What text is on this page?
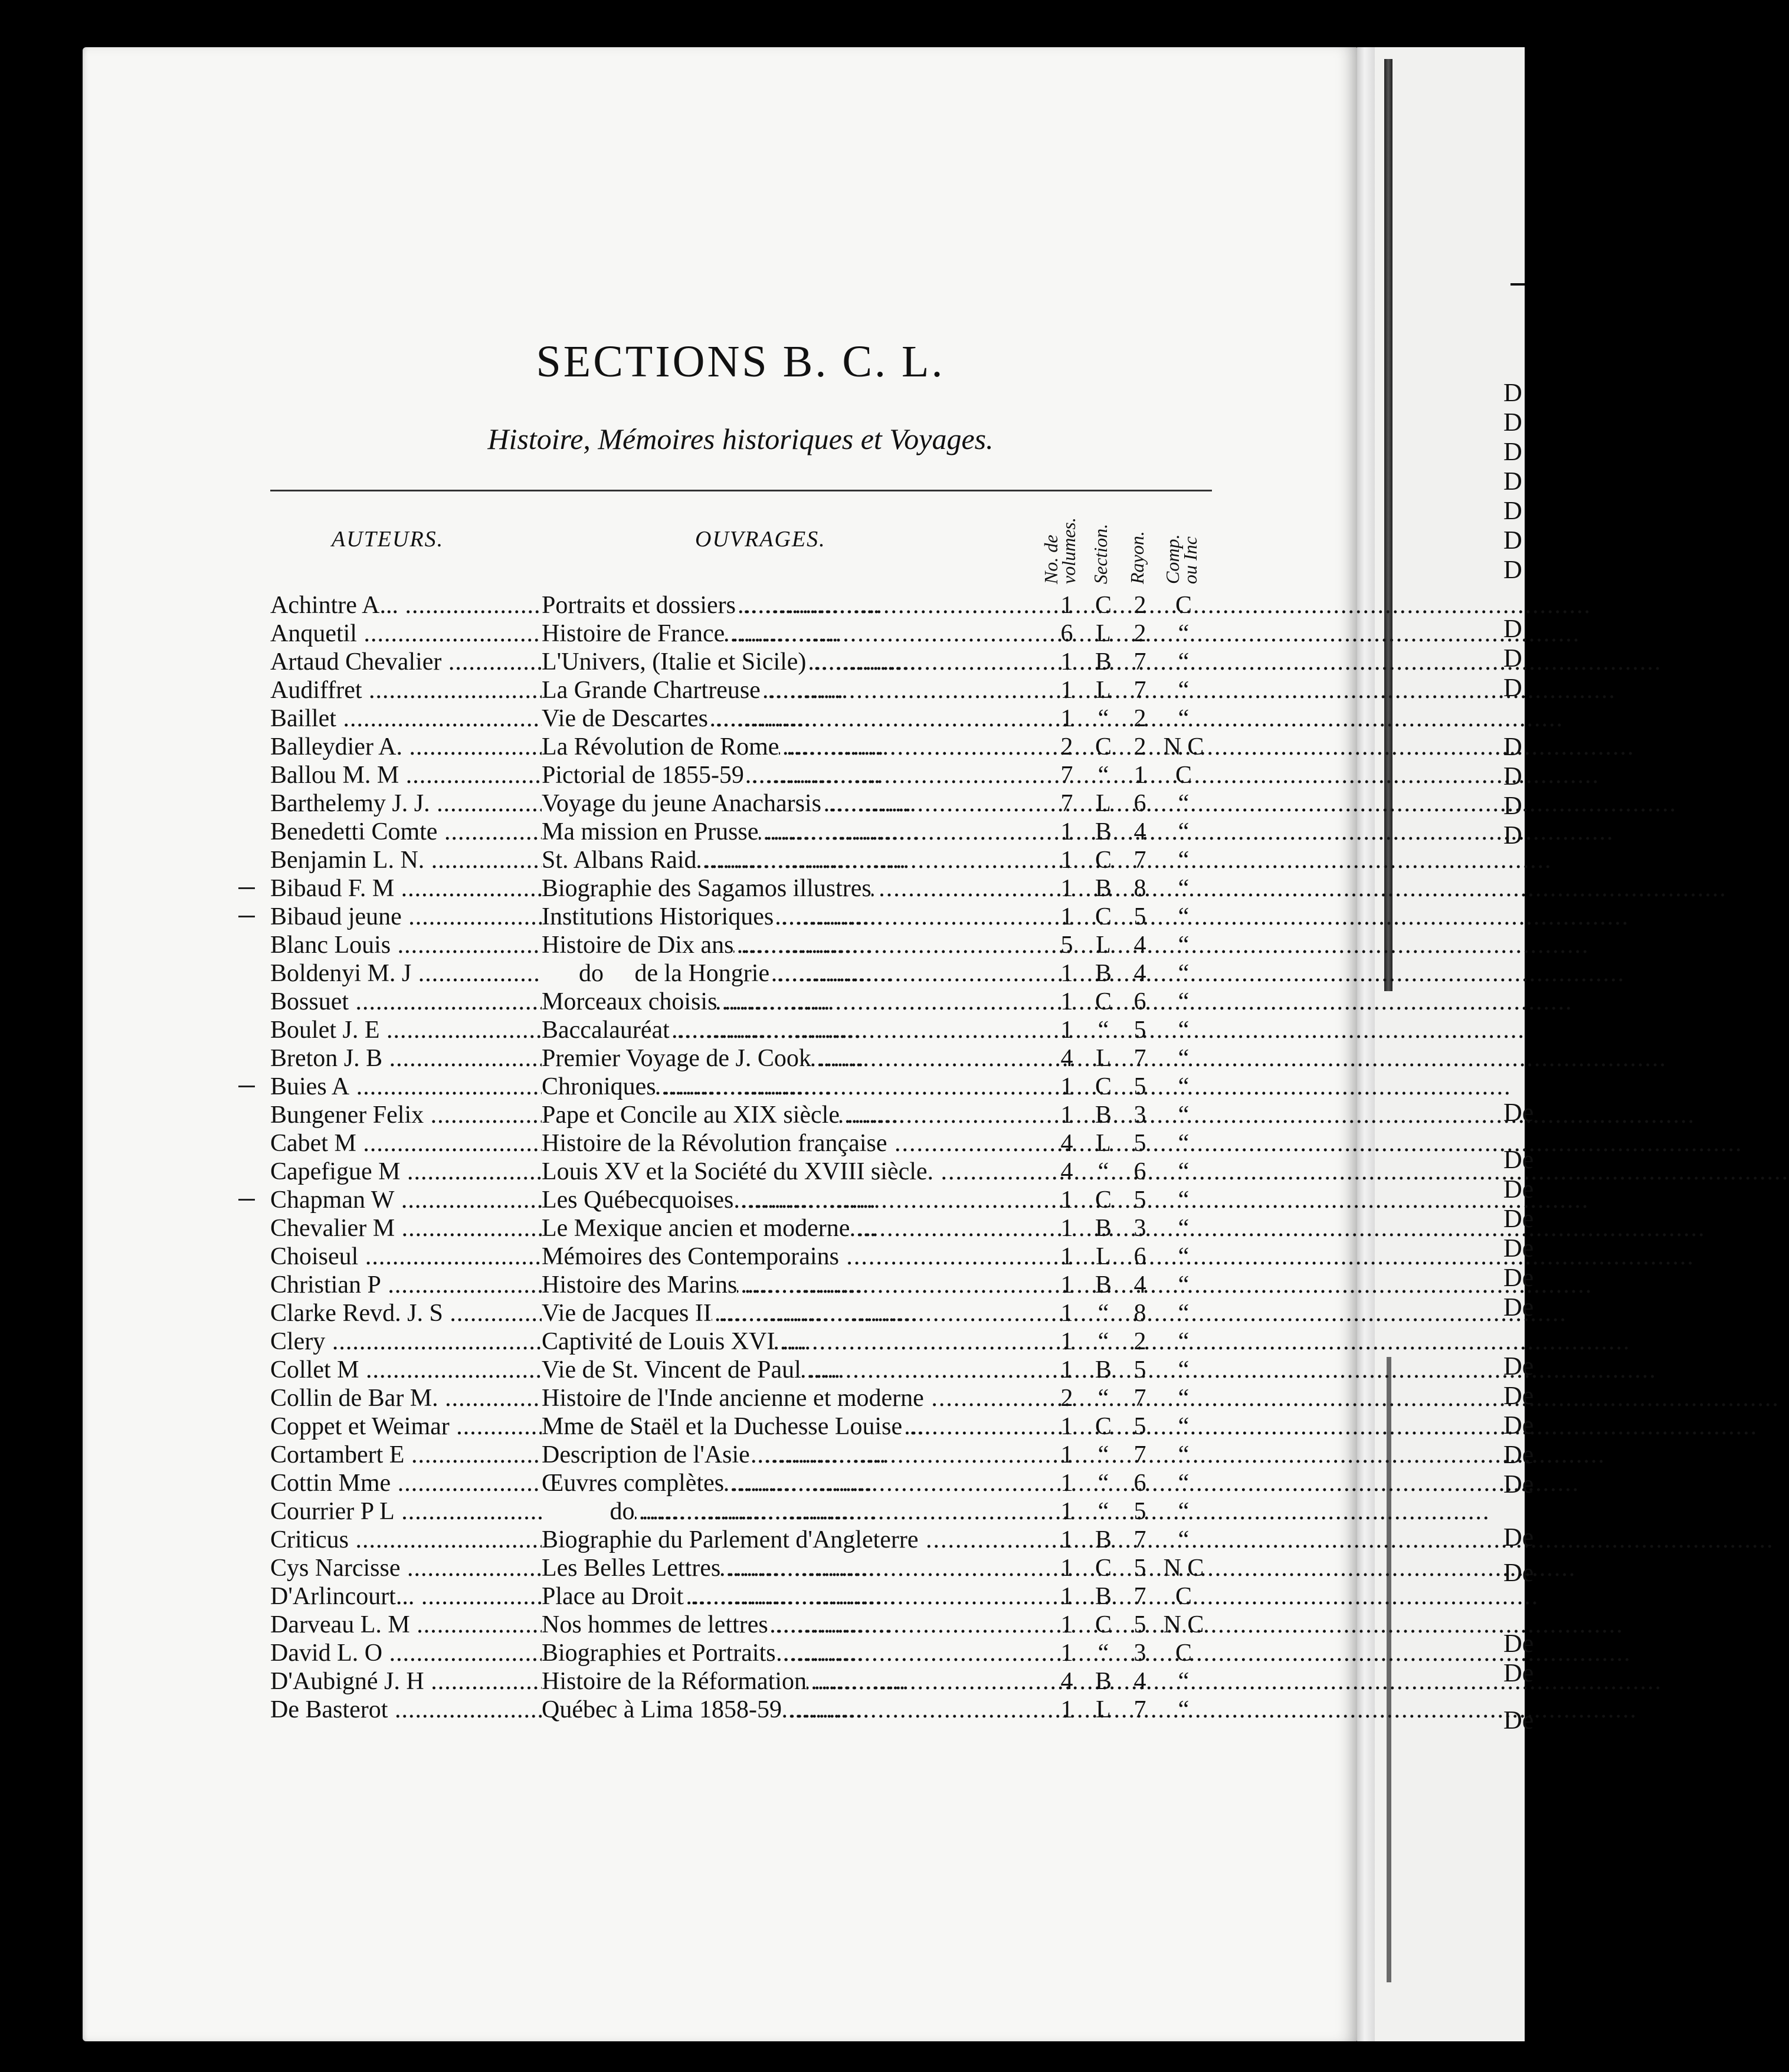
D
D
D
D
D
D
D
D
D
D
D
D
D
D
De
De
De
De
De
De
De
De
De
De
De
De
De
De
De
De
De
SECTIONS B. C. L.
Histoire, Mémoires historiques et Voyages.
AUTEURS.	OUVRAGES.
No. de
volumes. Section. Rayon. Comp.
ou Inc
Achintre A... .....	Portraits et dossiers .....	1 C 2	C
Anquetil .....	Histoire de France .....	6 L 2	“
Artaud Chevalier .....	L'Univers, (Italie et Sicile) .....	1 B 7	“
Audiffret .....	La Grande Chartreuse .....	1 L 7	“
Baillet .....	Vie de Descartes .....	1	“	2	“
Balleydier A. .....	La Révolution de Rome .....	2 C 2 N C
Ballou M. M .....	Pictorial de 1855-59 .....	7	“	1	C
Barthelemy J. J. .....	Voyage du jeune Anacharsis .....	7 L 6	“
Benedetti Comte .....	Ma mission en Prusse .....	1 B 4	“
Benjamin L. N. .....	St. Albans Raid .....	1 C 7	“
Bibaud F. M .....	Biographie des Sagamos illustres .....	1 B 8	“
Bibaud jeune .....	Institutions Historiques .....	1 C 5	“
Blanc Louis .....	Histoire de Dix ans .....	5 L 4	“
Boldenyi M. J .....	do     de la Hongrie .....	1 B 4	“
Bossuet .....	Morceaux choisis .....	1 C 6	“
Boulet J. E .....	Baccalauréat .....	1	“	5	“
Breton J. B .....	Premier Voyage de J. Cook .....	4 L 7	“
Buies A .....	Chroniques .....	1 C 5	“
Bungener Felix .....	Pape et Concile au XIX siècle .....	1 B 3	“
Cabet M .....	Histoire de la Révolution française .....	4 L 5	“
Capefigue M .....	Louis XV et la Société du XVIII siècle. .....	4	“	6	“
Chapman W .....	Les Québecquoises .....	1 C 5	“
Chevalier M .....	Le Mexique ancien et moderne .....	1 B 3	“
Choiseul .....	Mémoires des Contemporains .....	1 L 6	“
Christian P .....	Histoire des Marins .....	1 B 4	“
Clarke Revd. J. S .....	Vie de Jacques II .....	1	“	8	“
Clery .....	Captivité de Louis XVI .....	1	“	2	“
Collet M .....	Vie de St. Vincent de Paul .....	1 B 5	“
Collin de Bar M. .....	Histoire de l'Inde ancienne et moderne .....	2	“	7	“
Coppet et Weimar .....	Mme de Staël et la Duchesse Louise .....	1 C 5	“
Cortambert E .....	Description de l'Asie .....	1	“	7	“
Cottin Mme .....	Œuvres complètes .....	1	“	6	“
Courrier P L .....	do .....	1	“	5	“
Criticus .....	Biographie du Parlement d'Angleterre .....	1 B 7	“
Cys Narcisse .....	Les Belles Lettres .....	1 C 5 N C
D'Arlincourt... .....	Place au Droit .....	1 B 7	C
Darveau L. M .....	Nos hommes de lettres .....	1 C 5 N C
David L. O .....	Biographies et Portraits .....	1	“	3	C
D'Aubigné J. H .....	Histoire de la Réformation .....	4 B 4	“
De Basterot .....	Québec à Lima 1858-59 .....	1 L 7	“
